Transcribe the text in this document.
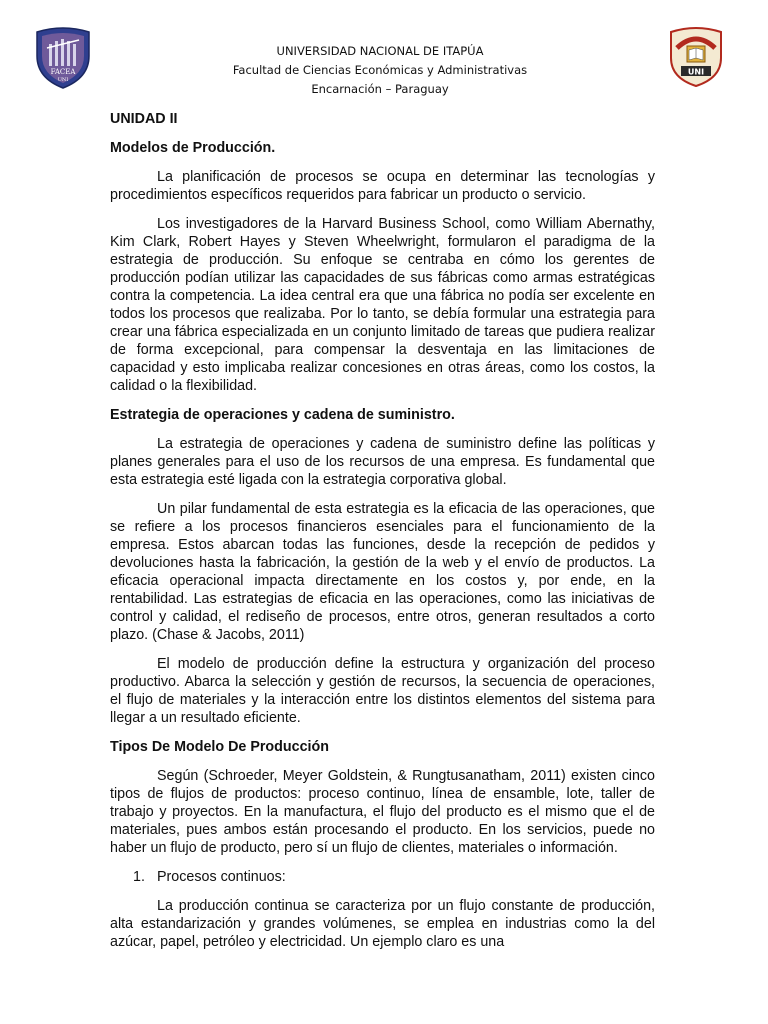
FACEA
UNI
UNI
UNIVERSIDAD NACIONAL DE ITAPÚA
Facultad de Ciencias Económicas y Administrativas
Encarnación – Paraguay

UNIDAD II

Modelos de Producción.

La planificación de procesos se ocupa en determinar las tecnologías y procedimientos específicos requeridos para fabricar un producto o servicio.

Los investigadores de la Harvard Business School, como William Abernathy, Kim Clark, Robert Hayes y Steven Wheelwright, formularon el paradigma de la estrategia de producción. Su enfoque se centraba en cómo los gerentes de producción podían utilizar las capacidades de sus fábricas como armas estratégicas contra la competencia. La idea central era que una fábrica no podía ser excelente en todos los procesos que realizaba. Por lo tanto, se debía formular una estrategia para crear una fábrica especializada en un conjunto limitado de tareas que pudiera realizar de forma excepcional, para compensar la desventaja en las limitaciones de capacidad y esto implicaba realizar concesiones en otras áreas, como los costos, la calidad o la flexibilidad.

Estrategia de operaciones y cadena de suministro.

La estrategia de operaciones y cadena de suministro define las políticas y planes generales para el uso de los recursos de una empresa. Es fundamental que esta estrategia esté ligada con la estrategia corporativa global.

Un pilar fundamental de esta estrategia es la eficacia de las operaciones, que se refiere a los procesos financieros esenciales para el funcionamiento de la empresa. Estos abarcan todas las funciones, desde la recepción de pedidos y devoluciones hasta la fabricación, la gestión de la web y el envío de productos. La eficacia operacional impacta directamente en los costos y, por ende, en la rentabilidad. Las estrategias de eficacia en las operaciones, como las iniciativas de control y calidad, el rediseño de procesos, entre otros, generan resultados a corto plazo. (Chase & Jacobs, 2011)

El modelo de producción define la estructura y organización del proceso productivo. Abarca la selección y gestión de recursos, la secuencia de operaciones, el flujo de materiales y la interacción entre los distintos elementos del sistema para llegar a un resultado eficiente.

Tipos De Modelo De Producción

Según (Schroeder, Meyer Goldstein, & Rungtusanatham, 2011) existen cinco tipos de flujos de productos: proceso continuo, línea de ensamble, lote, taller de trabajo y proyectos. En la manufactura, el flujo del producto es el mismo que el de materiales, pues ambos están procesando el producto. En los servicios, puede no haber un flujo de producto, pero sí un flujo de clientes, materiales o información.

1. Procesos continuos:

La producción continua se caracteriza por un flujo constante de producción, alta estandarización y grandes volúmenes, se emplea en industrias como la del azúcar, papel, petróleo y electricidad. Un ejemplo claro es una
